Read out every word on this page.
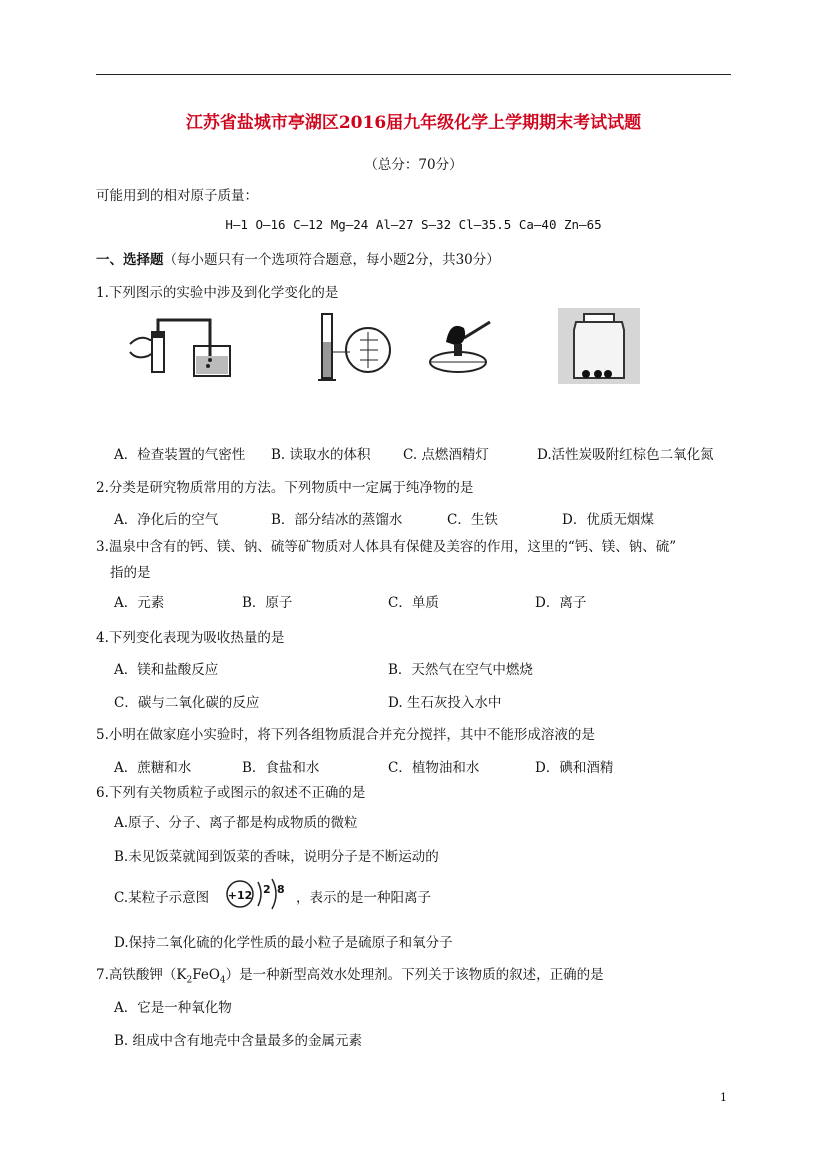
江苏省盐城市亭湖区2016届九年级化学上学期期末考试试题
（总分：70分）
可能用到的相对原子质量：
H—1 O—16 C—12 Mg—24 Al—27 S—32 Cl—35.5 Ca—40 Zn—65
一、选择题（每小题只有一个选项符合题意，每小题2分，共30分）
1.下列图示的实验中涉及到化学变化的是
A．检查装置的气密性 B. 读取水的体积 C. 点燃酒精灯	D.活性炭吸附红棕色二氧化氮
2.分类是研究物质常用的方法。下列物质中一定属于纯净物的是
A．净化后的空气	B．部分结冰的蒸馏水	C．生铁	D．优质无烟煤
3.温泉中含有的钙、镁、钠、硫等矿物质对人体具有保健及美容的作用，这里的“钙、镁、钠、硫”
指的是
A．元素	B．原子	C．单质	D．离子
4.下列变化表现为吸收热量的是
A．镁和盐酸反应	B．天然气在空气中燃烧
C．碳与二氧化碳的反应	D. 生石灰投入水中
5.小明在做家庭小实验时，将下列各组物质混合并充分搅拌，其中不能形成溶液的是
A．蔗糖和水	B．食盐和水	C．植物油和水	D．碘和酒精
6.下列有关物质粒子或图示的叙述不正确的是
A.原子、分子、离子都是构成物质的微粒
B.未见饭菜就闻到饭菜的香味，说明分子是不断运动的
C.某粒子示意图 +12 2 8
，表示的是一种阳离子
D.保持二氧化硫的化学性质的最小粒子是硫原子和氧分子
7.高铁酸钾$(K_2FeO_4)$是一种新型高效水处理剂。下列关于该物质的叙述，正确的是
A．它是一种氧化物
B. 组成中含有地壳中含量最多的金属元素
1
